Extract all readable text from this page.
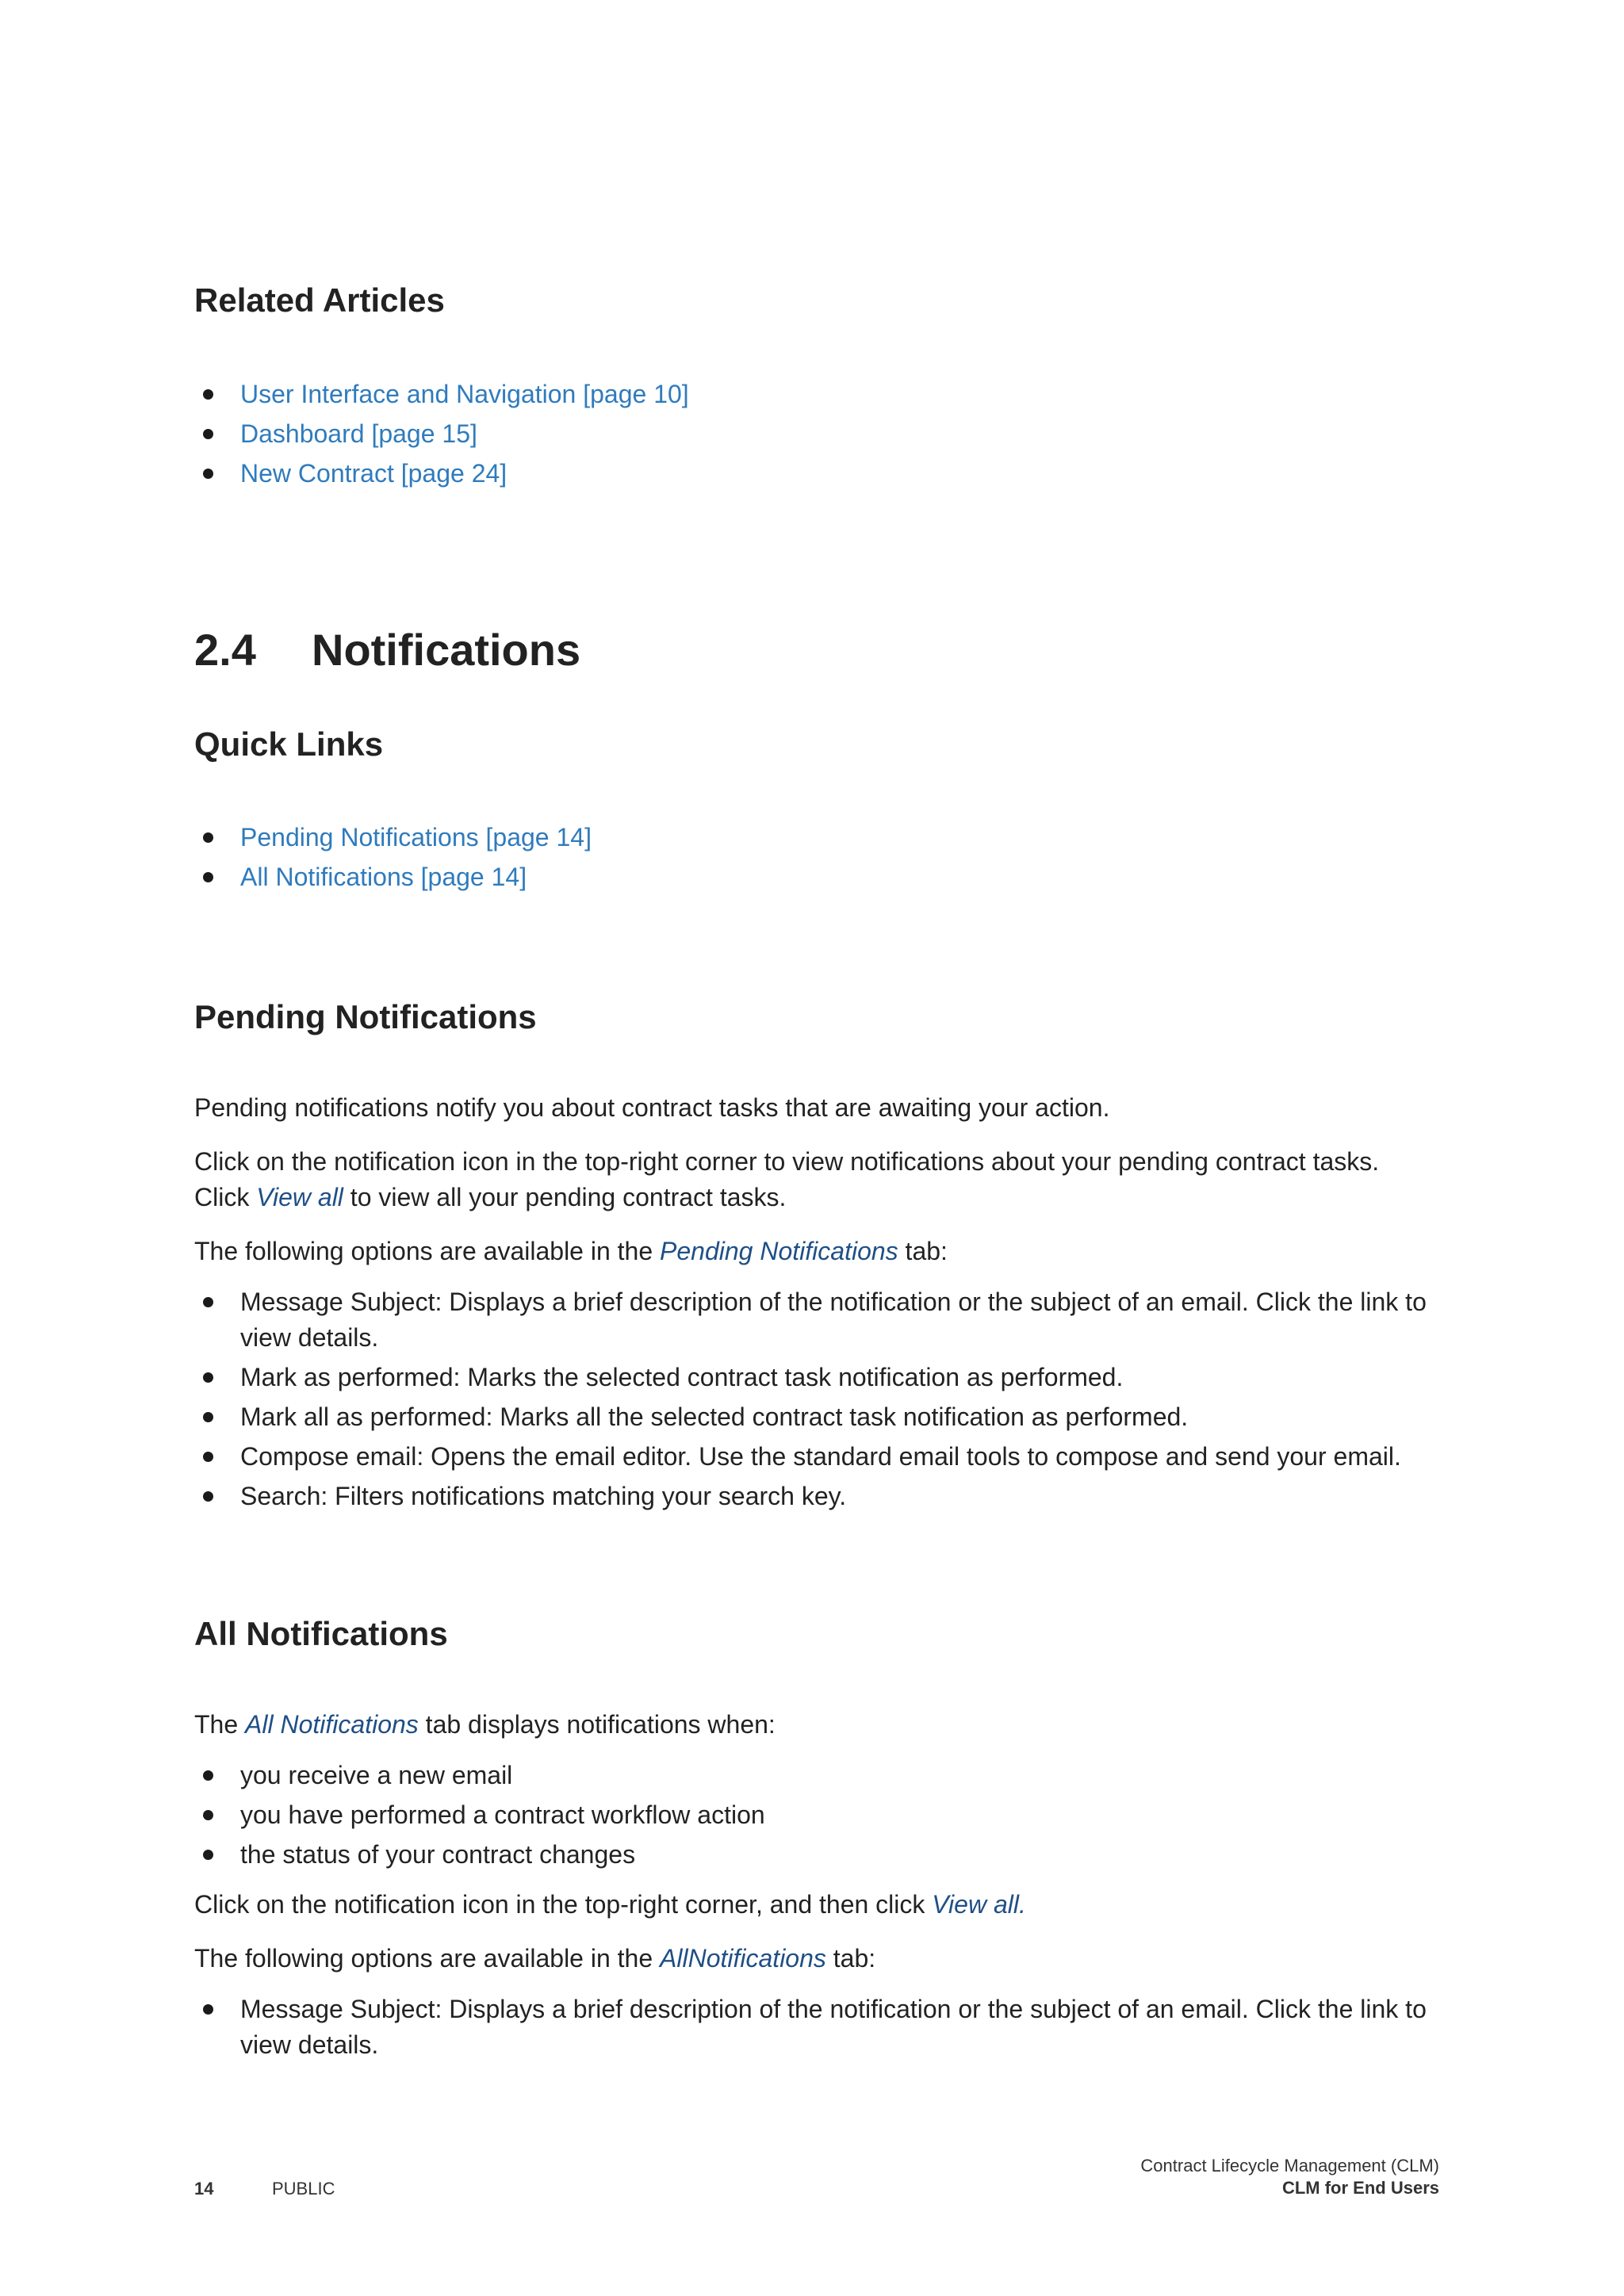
Related Articles
User Interface and Navigation [page 10]
Dashboard [page 15]
New Contract [page 24]
2.4 Notifications
Quick Links
Pending Notifications [page 14]
All Notifications [page 14]
Pending Notifications

Pending notifications notify you about contract tasks that are awaiting your action.

Click on the notification icon in the top-right corner to view notifications about your pending contract tasks.
Click View all to view all your pending contract tasks.

The following options are available in the Pending Notifications tab:

Message Subject: Displays a brief description of the notification or the subject of an email. Click the link to view details.
Mark as performed: Marks the selected contract task notification as performed.
Mark all as performed: Marks all the selected contract task notification as performed.
Compose email: Opens the email editor. Use the standard email tools to compose and send your email.
Search: Filters notifications matching your search key.
All Notifications

The All Notifications tab displays notifications when:

you receive a new email
you have performed a contract workflow action
the status of your contract changes

Click on the notification icon in the top-right corner, and then click View all.

The following options are available in the AllNotifications tab:

Message Subject: Displays a brief description of the notification or the subject of an email. Click the link to view details.
14	PUBLIC
Contract Lifecycle Management (CLM)
CLM for End Users
